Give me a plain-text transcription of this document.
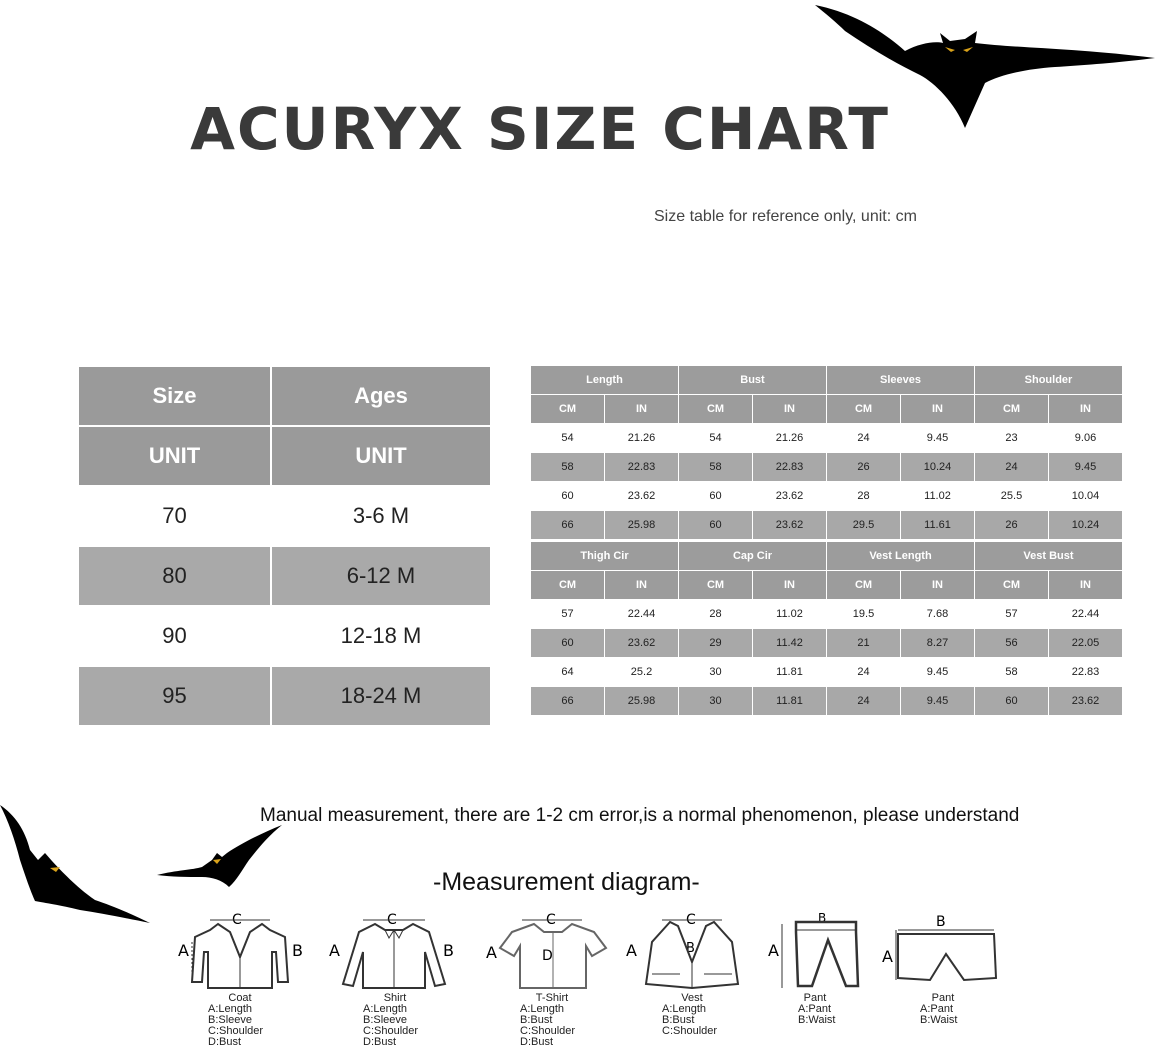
ACURYX SIZE CHART
Size table for reference only, unit: cm
Size	Ages
UNIT	UNIT
70	3-6 M
80	6-12 M
90	12-18 M
95	18-24 M
Length		Bust		Sleeves		Shoulder	
CM	IN	CM	IN	CM	IN	CM	IN
54	21.26	54	21.26	24	9.45	23	9.06
58	22.83	58	22.83	26	10.24	24	9.45
60	23.62	60	23.62	28	11.02	25.5	10.04
66	25.98	60	23.62	29.5	11.61	26	10.24
Thigh Cir		Cap Cir		Vest Length		Vest Bust	
CM	IN	CM	IN	CM	IN	CM	IN
57	22.44	28	11.02	19.5	7.68	57	22.44
60	23.62	29	11.42	21	8.27	56	22.05
64	25.2	30	11.81	24	9.45	58	22.83
66	25.98	30	11.81	24	9.45	60	23.62
Manual measurement, there are 1-2 cm error,is a normal phenomenon, please understand
-Measurement diagram-
A	B
C
Coat
A:Length
B:Sleeve
C:Shoulder
D:Bust
A	B
C
Shirt
A:Length
B:Sleeve
C:Shoulder
D:Bust
A	D
C
T-Shirt
A:Length
B:Bust
C:Shoulder
D:Bust
A	B
C
Vest
A:Length
B:Bust
C:Shoulder
A
B
Pant
A:Pant
B:Waist
A
B
Pant
A:Pant
B:Waist
